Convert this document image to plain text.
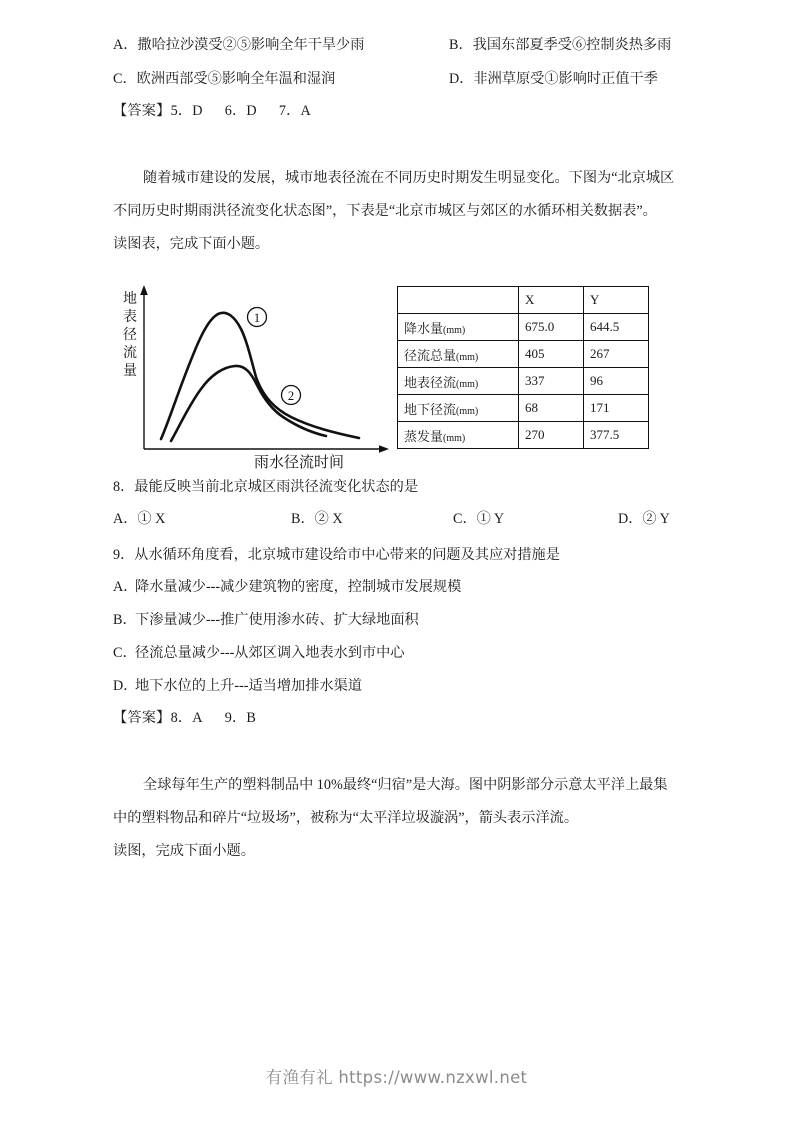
A．撒哈拉沙漠受②⑤影响全年干旱少雨	B．我国东部夏季受⑥控制炎热多雨
C．欧洲西部受⑤影响全年温和湿润	D．非洲草原受①影响时正值干季
【答案】5．D 6．D 7．A
随着城市建设的发展，城市地表径流在不同历史时期发生明显变化。下图为“北京城区
不同历史时期雨洪径流变化状态图”，下表是“北京市城区与郊区的水循环相关数据表”。
读图表，完成下面小题。
1
2
地
表
径
流
量
雨水径流时间
	X	Y
降水量(mm)	675.0	644.5
径流总量(mm)	405	267
地表径流(mm)	337	96
地下径流(mm)	68	171
蒸发量(mm)	270	377.5
8．最能反映当前北京城区雨洪径流变化状态的是
A．① X	B．② X	C．① Y	D．② Y
9．从水循环角度看，北京城市建设给市中心带来的问题及其应对措施是
A．降水量减少---减少建筑物的密度，控制城市发展规模
B．下渗量减少---推广使用渗水砖、扩大绿地面积
C．径流总量减少---从郊区调入地表水到市中心
D．地下水位的上升---适当增加排水渠道
【答案】8．A 9．B
全球每年生产的塑料制品中 10%最终“归宿”是大海。图中阴影部分示意太平洋上最集
中的塑料物品和碎片“垃圾场”，被称为“太平洋垃圾漩涡”，箭头表示洋流。
读图，完成下面小题。
有渔有礼 https://www.nzxwl.net
